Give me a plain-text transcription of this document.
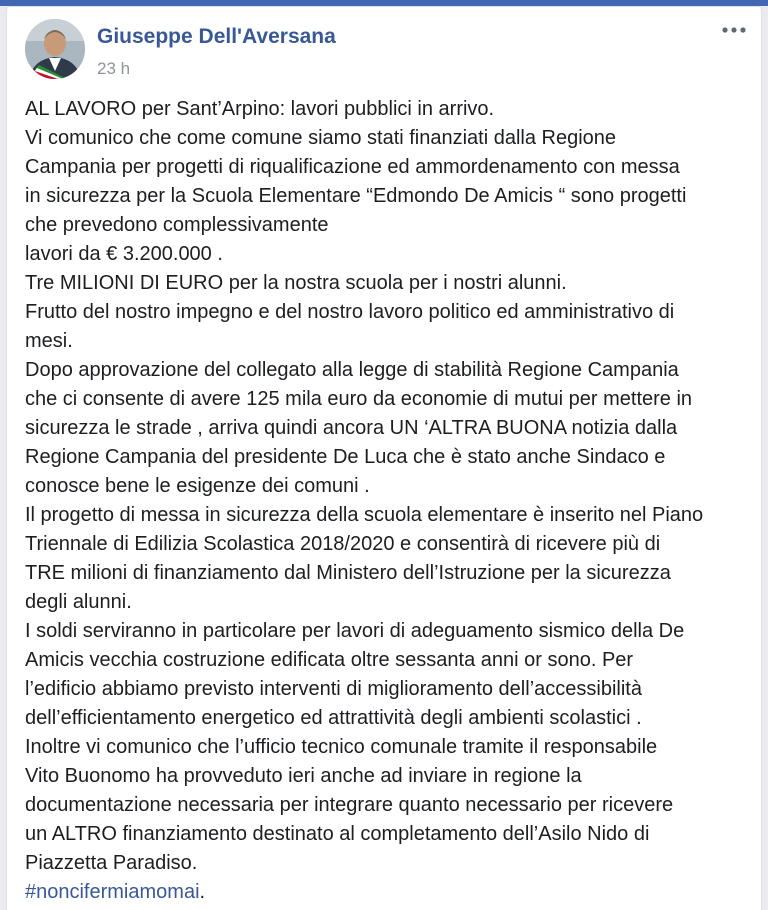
Giuseppe Dell'Aversana
23 h
AL LAVORO per Sant’Arpino: lavori pubblici in arrivo.
Vi comunico che come comune siamo stati finanziati dalla Regione
Campania per progetti di riqualificazione ed ammordenamento con messa
in sicurezza per la Scuola Elementare “Edmondo De Amicis “ sono progetti
che prevedono complessivamente
lavori da € 3.200.000 .
Tre MILIONI DI EURO per la nostra scuola per i nostri alunni.
Frutto del nostro impegno e del nostro lavoro politico ed amministrativo di
mesi.
Dopo approvazione del collegato alla legge di stabilità Regione Campania
che ci consente di avere 125 mila euro da economie di mutui per mettere in
sicurezza le strade , arriva quindi ancora UN ‘ALTRA BUONA notizia dalla
Regione Campania del presidente De Luca che è stato anche Sindaco e
conosce bene le esigenze dei comuni .
Il progetto di messa in sicurezza della scuola elementare è inserito nel Piano
Triennale di Edilizia Scolastica 2018/2020 e consentirà di ricevere più di
TRE milioni di finanziamento dal Ministero dell’Istruzione per la sicurezza
degli alunni.
I soldi serviranno in particolare per lavori di adeguamento sismico della De
Amicis vecchia costruzione edificata oltre sessanta anni or sono. Per
l’edificio abbiamo previsto interventi di miglioramento dell’accessibilità
dell’efficientamento energetico ed attrattività degli ambienti scolastici .
Inoltre vi comunico che l’ufficio tecnico comunale tramite il responsabile
Vito Buonomo ha provveduto ieri anche ad inviare in regione la
documentazione necessaria per integrare quanto necessario per ricevere
un ALTRO finanziamento destinato al completamento dell’Asilo Nido di
Piazzetta Paradiso.
#noncifermiamomai.
